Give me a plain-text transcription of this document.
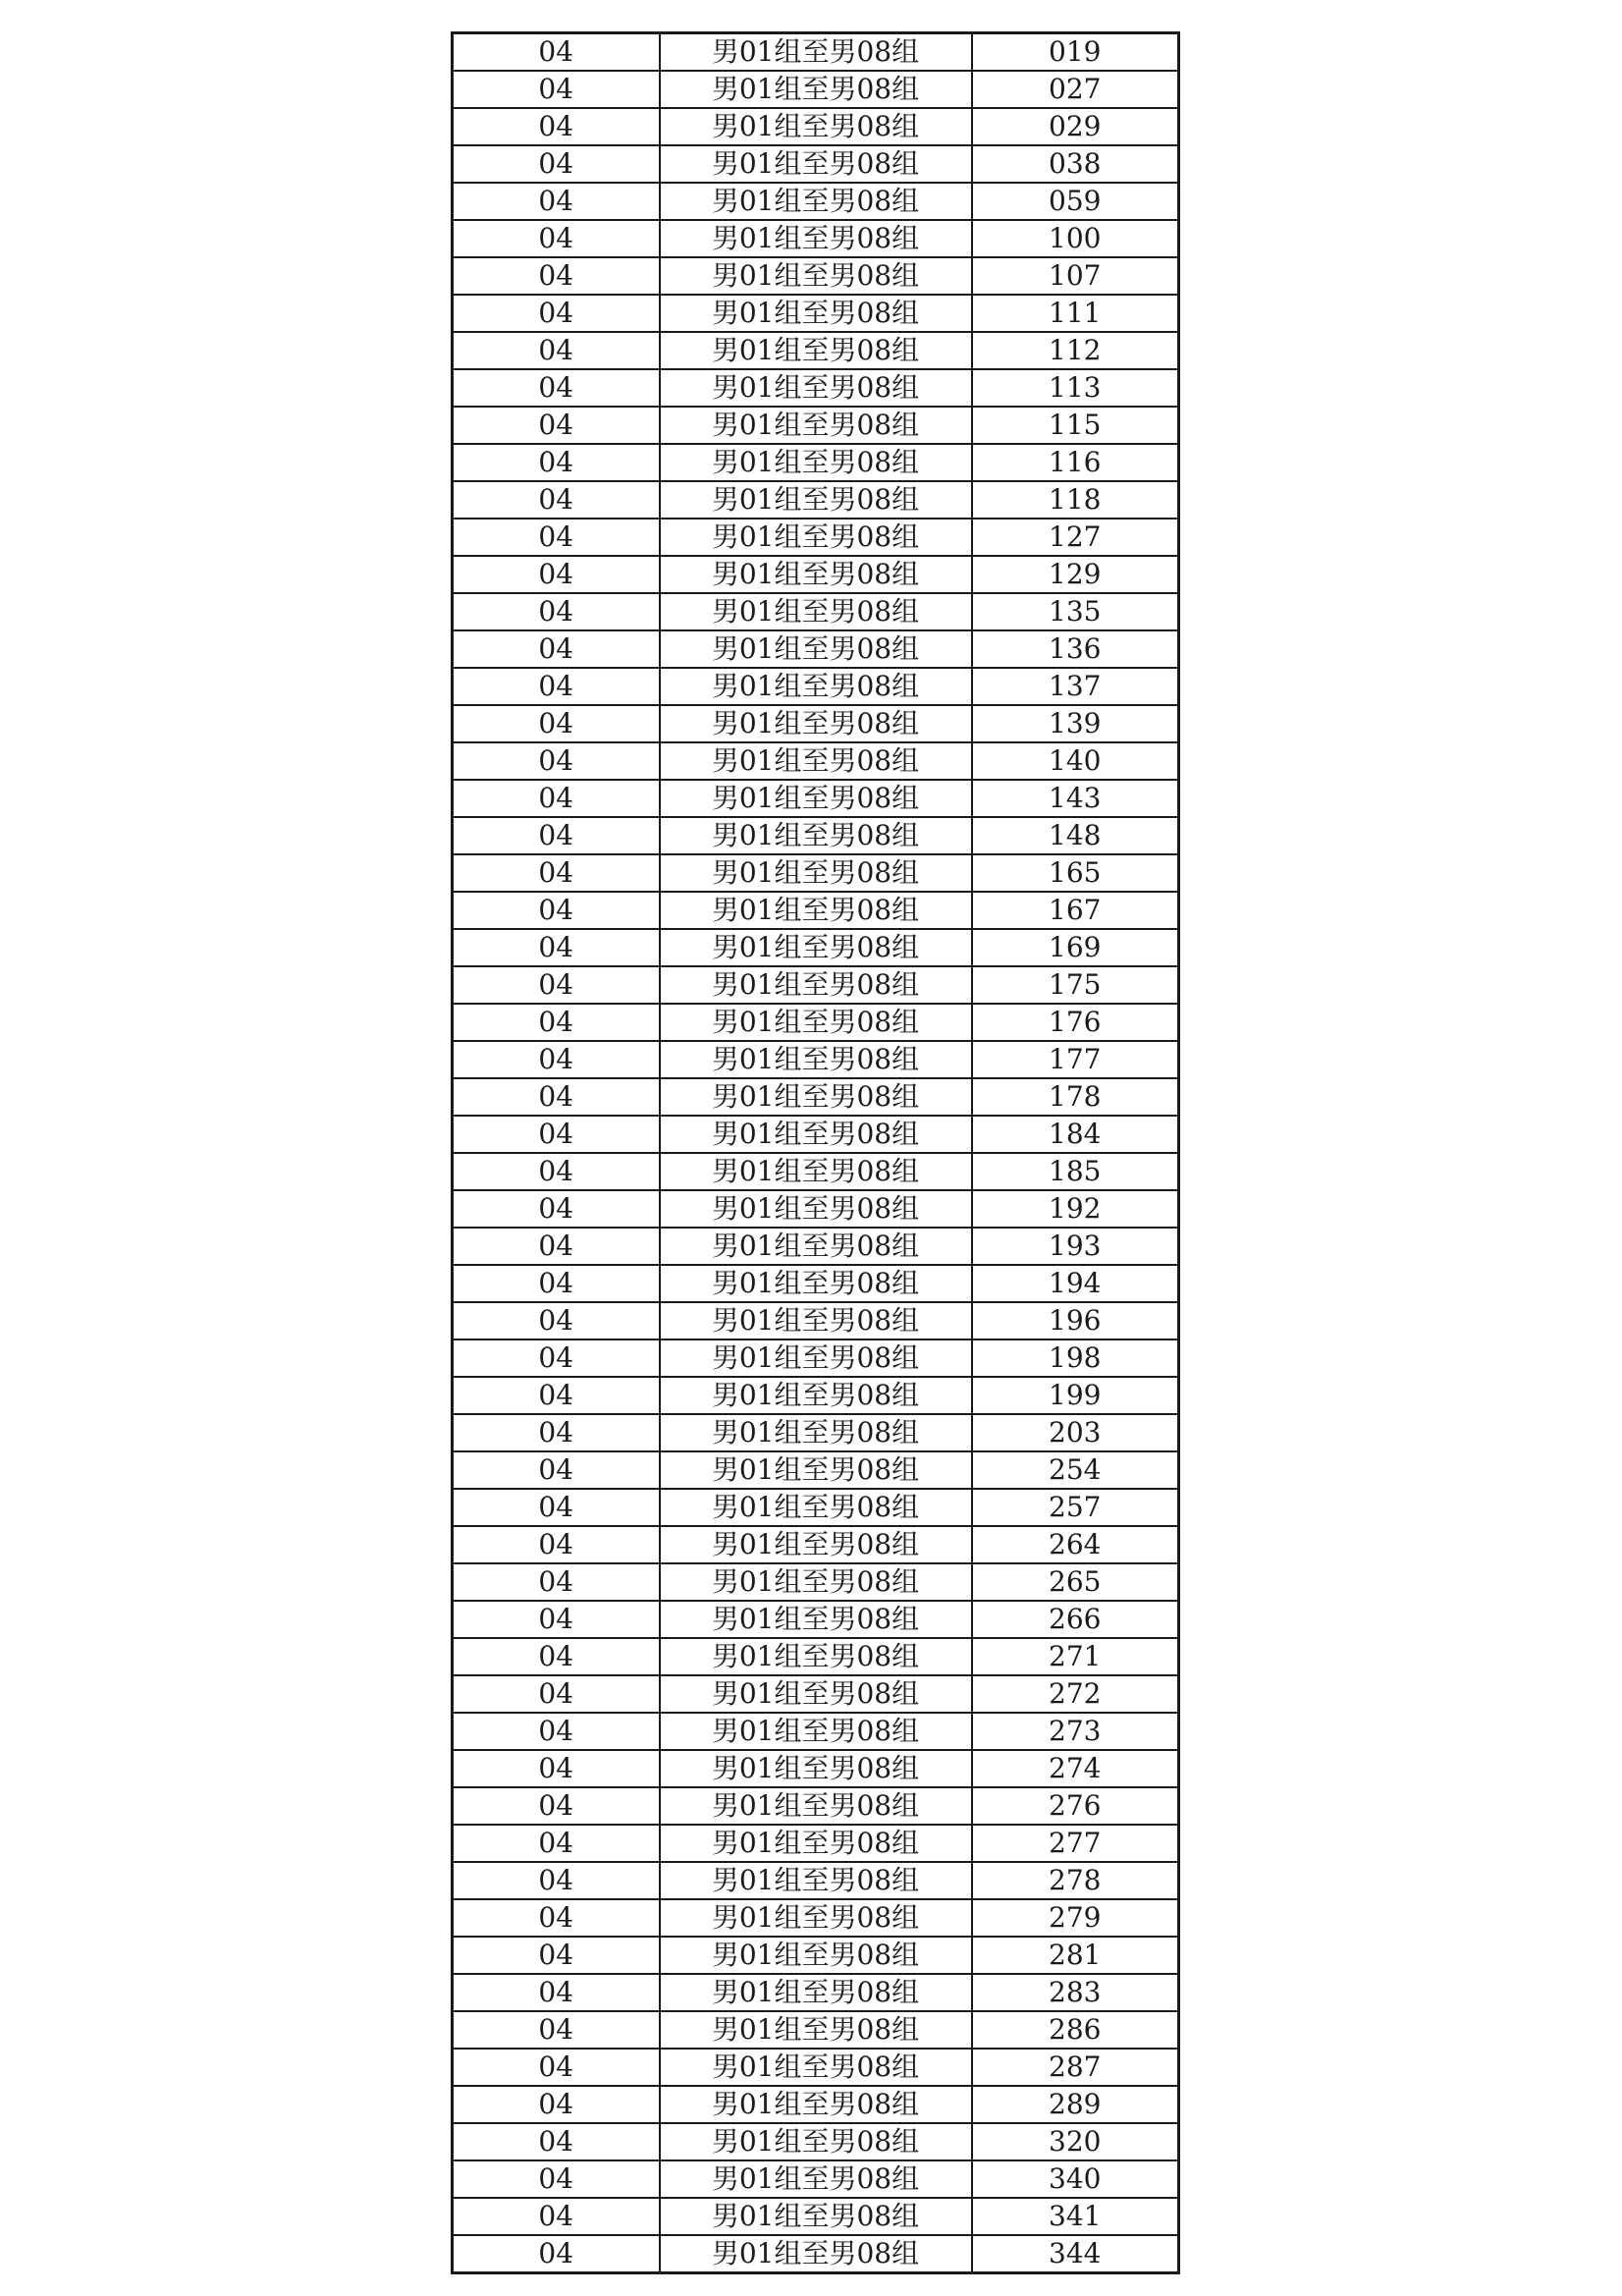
04	男01组至男08组	019
04	男01组至男08组	027
04	男01组至男08组	029
04	男01组至男08组	038
04	男01组至男08组	059
04	男01组至男08组	100
04	男01组至男08组	107
04	男01组至男08组	111
04	男01组至男08组	112
04	男01组至男08组	113
04	男01组至男08组	115
04	男01组至男08组	116
04	男01组至男08组	118
04	男01组至男08组	127
04	男01组至男08组	129
04	男01组至男08组	135
04	男01组至男08组	136
04	男01组至男08组	137
04	男01组至男08组	139
04	男01组至男08组	140
04	男01组至男08组	143
04	男01组至男08组	148
04	男01组至男08组	165
04	男01组至男08组	167
04	男01组至男08组	169
04	男01组至男08组	175
04	男01组至男08组	176
04	男01组至男08组	177
04	男01组至男08组	178
04	男01组至男08组	184
04	男01组至男08组	185
04	男01组至男08组	192
04	男01组至男08组	193
04	男01组至男08组	194
04	男01组至男08组	196
04	男01组至男08组	198
04	男01组至男08组	199
04	男01组至男08组	203
04	男01组至男08组	254
04	男01组至男08组	257
04	男01组至男08组	264
04	男01组至男08组	265
04	男01组至男08组	266
04	男01组至男08组	271
04	男01组至男08组	272
04	男01组至男08组	273
04	男01组至男08组	274
04	男01组至男08组	276
04	男01组至男08组	277
04	男01组至男08组	278
04	男01组至男08组	279
04	男01组至男08组	281
04	男01组至男08组	283
04	男01组至男08组	286
04	男01组至男08组	287
04	男01组至男08组	289
04	男01组至男08组	320
04	男01组至男08组	340
04	男01组至男08组	341
04	男01组至男08组	344
